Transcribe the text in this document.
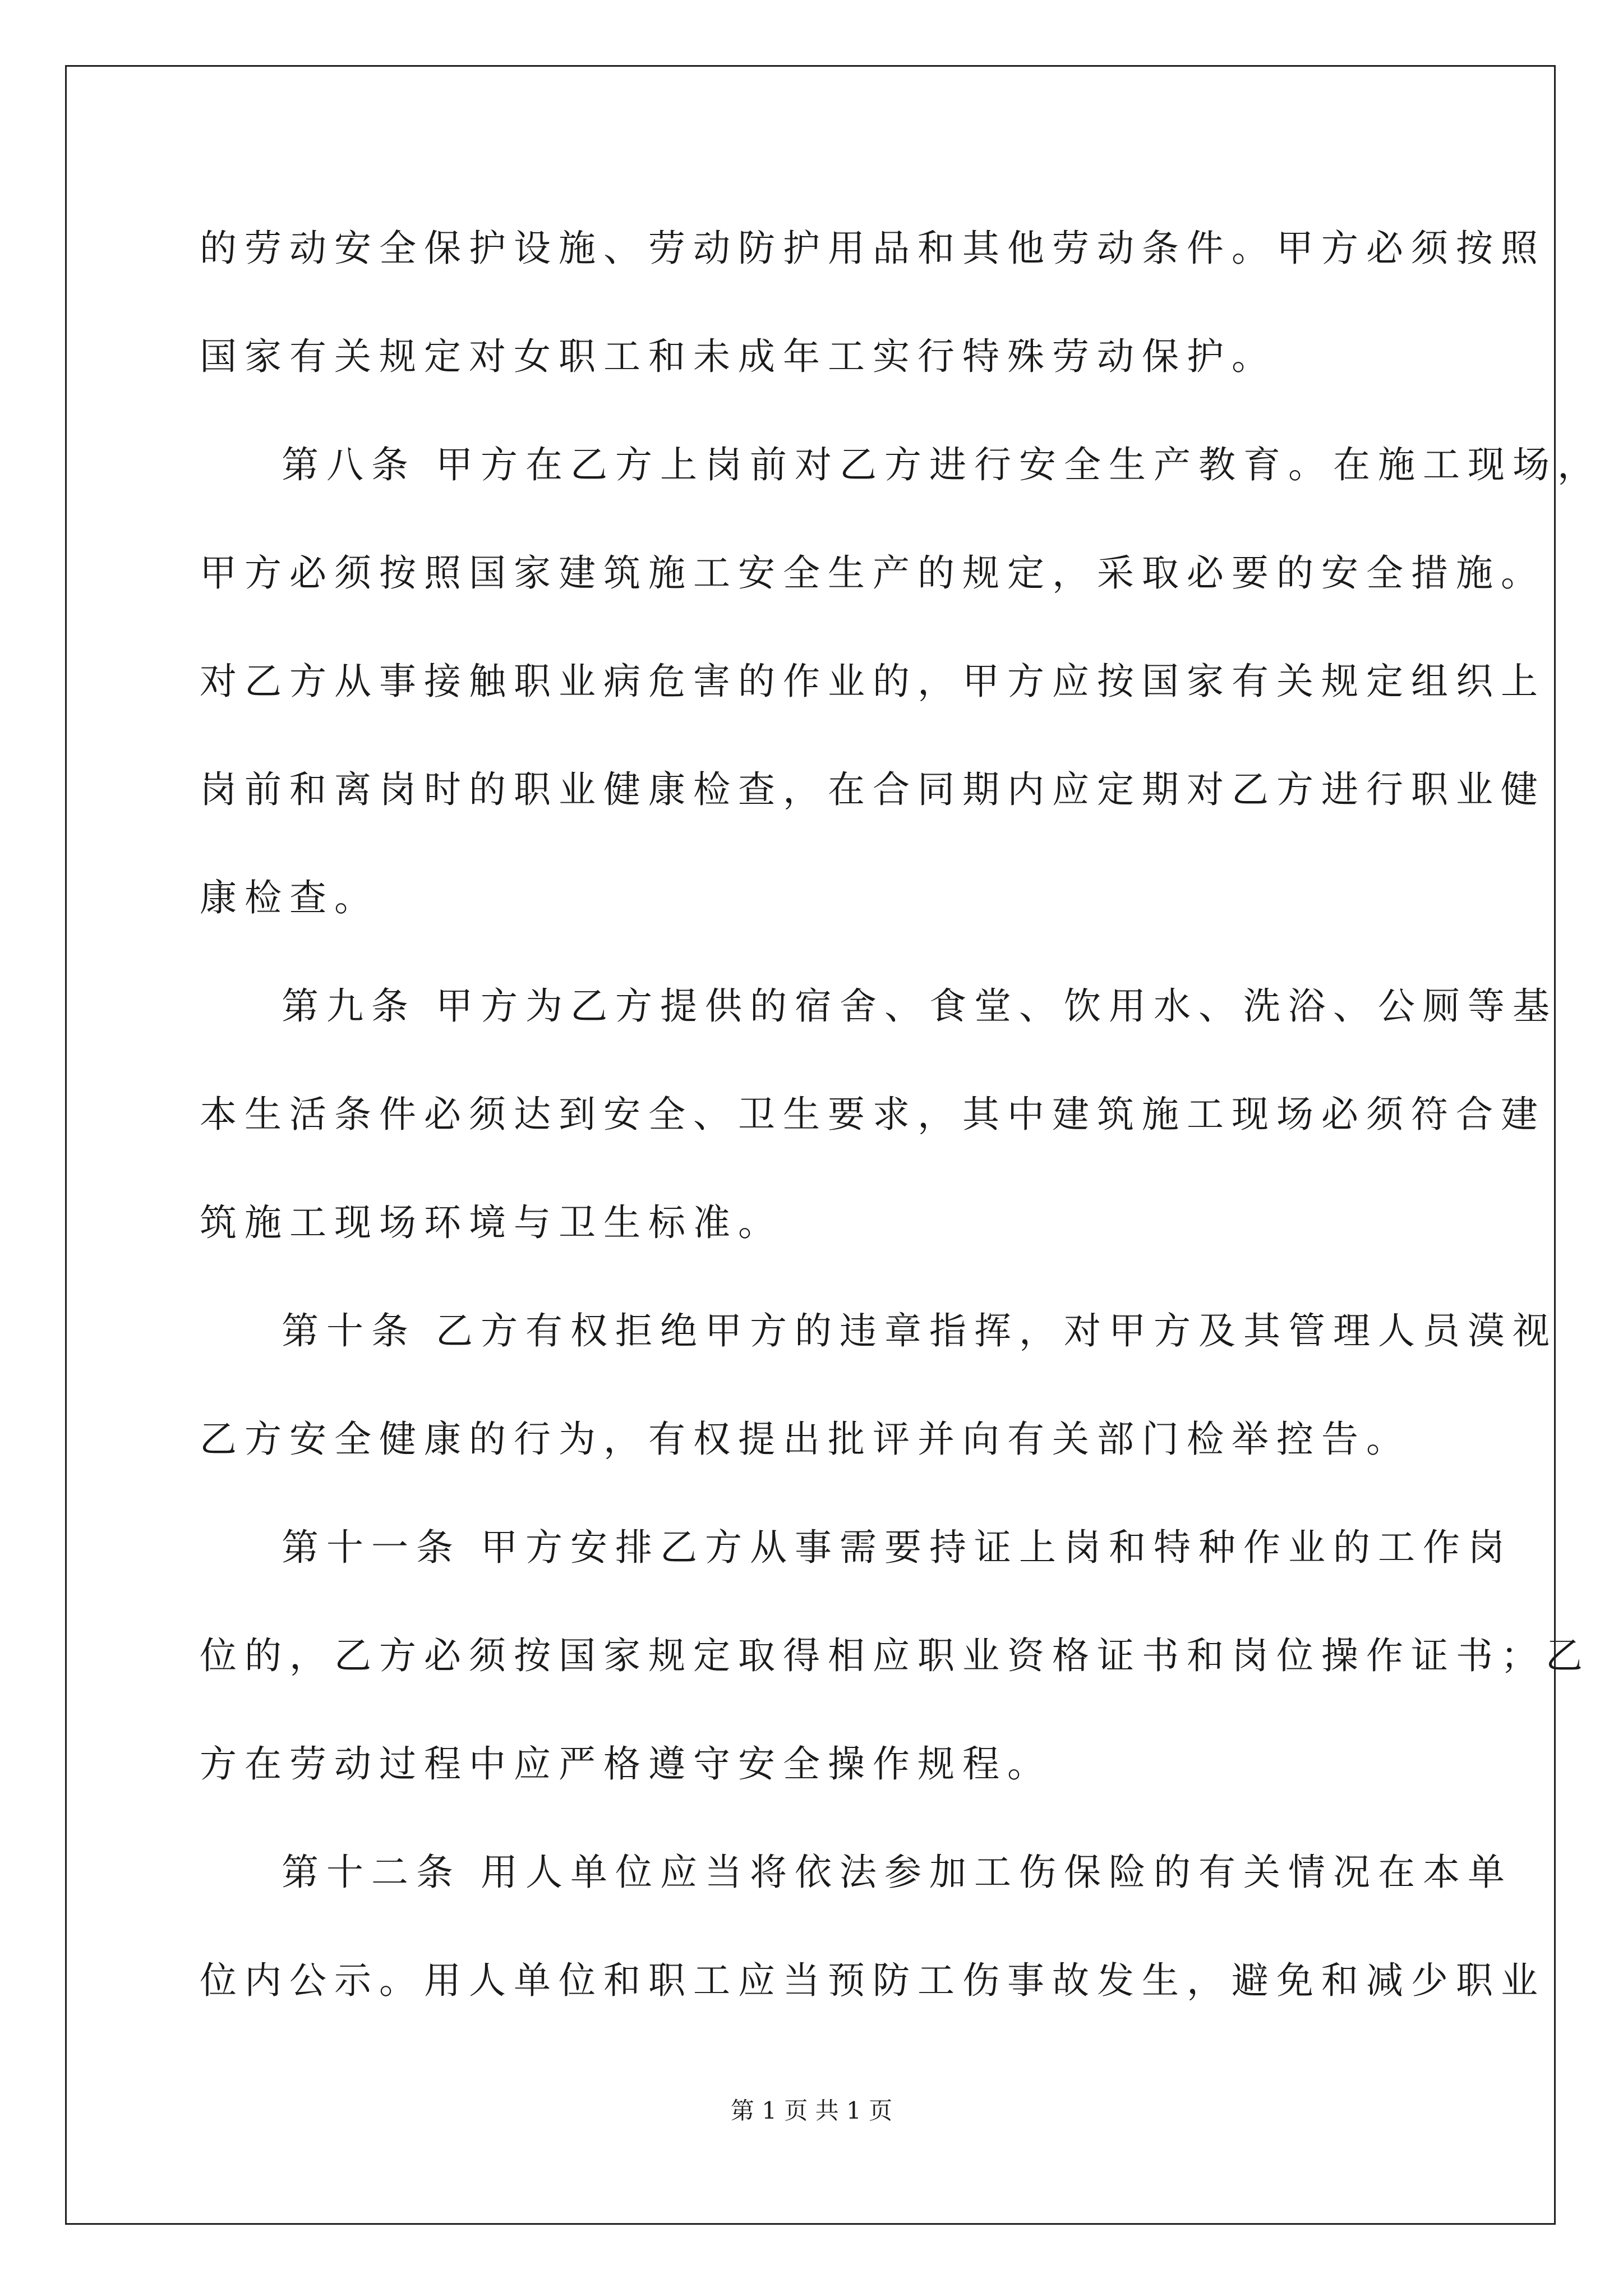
的劳动安全保护设施、劳动防护用品和其他劳动条件。甲方必须按照
国家有关规定对女职工和未成年工实行特殊劳动保护。
第八条 甲方在乙方上岗前对乙方进行安全生产教育。在施工现场，
甲方必须按照国家建筑施工安全生产的规定，采取必要的安全措施。
对乙方从事接触职业病危害的作业的，甲方应按国家有关规定组织上
岗前和离岗时的职业健康检查，在合同期内应定期对乙方进行职业健
康检查。
第九条 甲方为乙方提供的宿舍、食堂、饮用水、洗浴、公厕等基
本生活条件必须达到安全、卫生要求，其中建筑施工现场必须符合建
筑施工现场环境与卫生标准。
第十条 乙方有权拒绝甲方的违章指挥，对甲方及其管理人员漠视
乙方安全健康的行为，有权提出批评并向有关部门检举控告。
第十一条 甲方安排乙方从事需要持证上岗和特种作业的工作岗
位的，乙方必须按国家规定取得相应职业资格证书和岗位操作证书；乙
方在劳动过程中应严格遵守安全操作规程。
第十二条 用人单位应当将依法参加工伤保险的有关情况在本单
位内公示。用人单位和职工应当预防工伤事故发生，避免和减少职业
第 1 页 共 1 页
